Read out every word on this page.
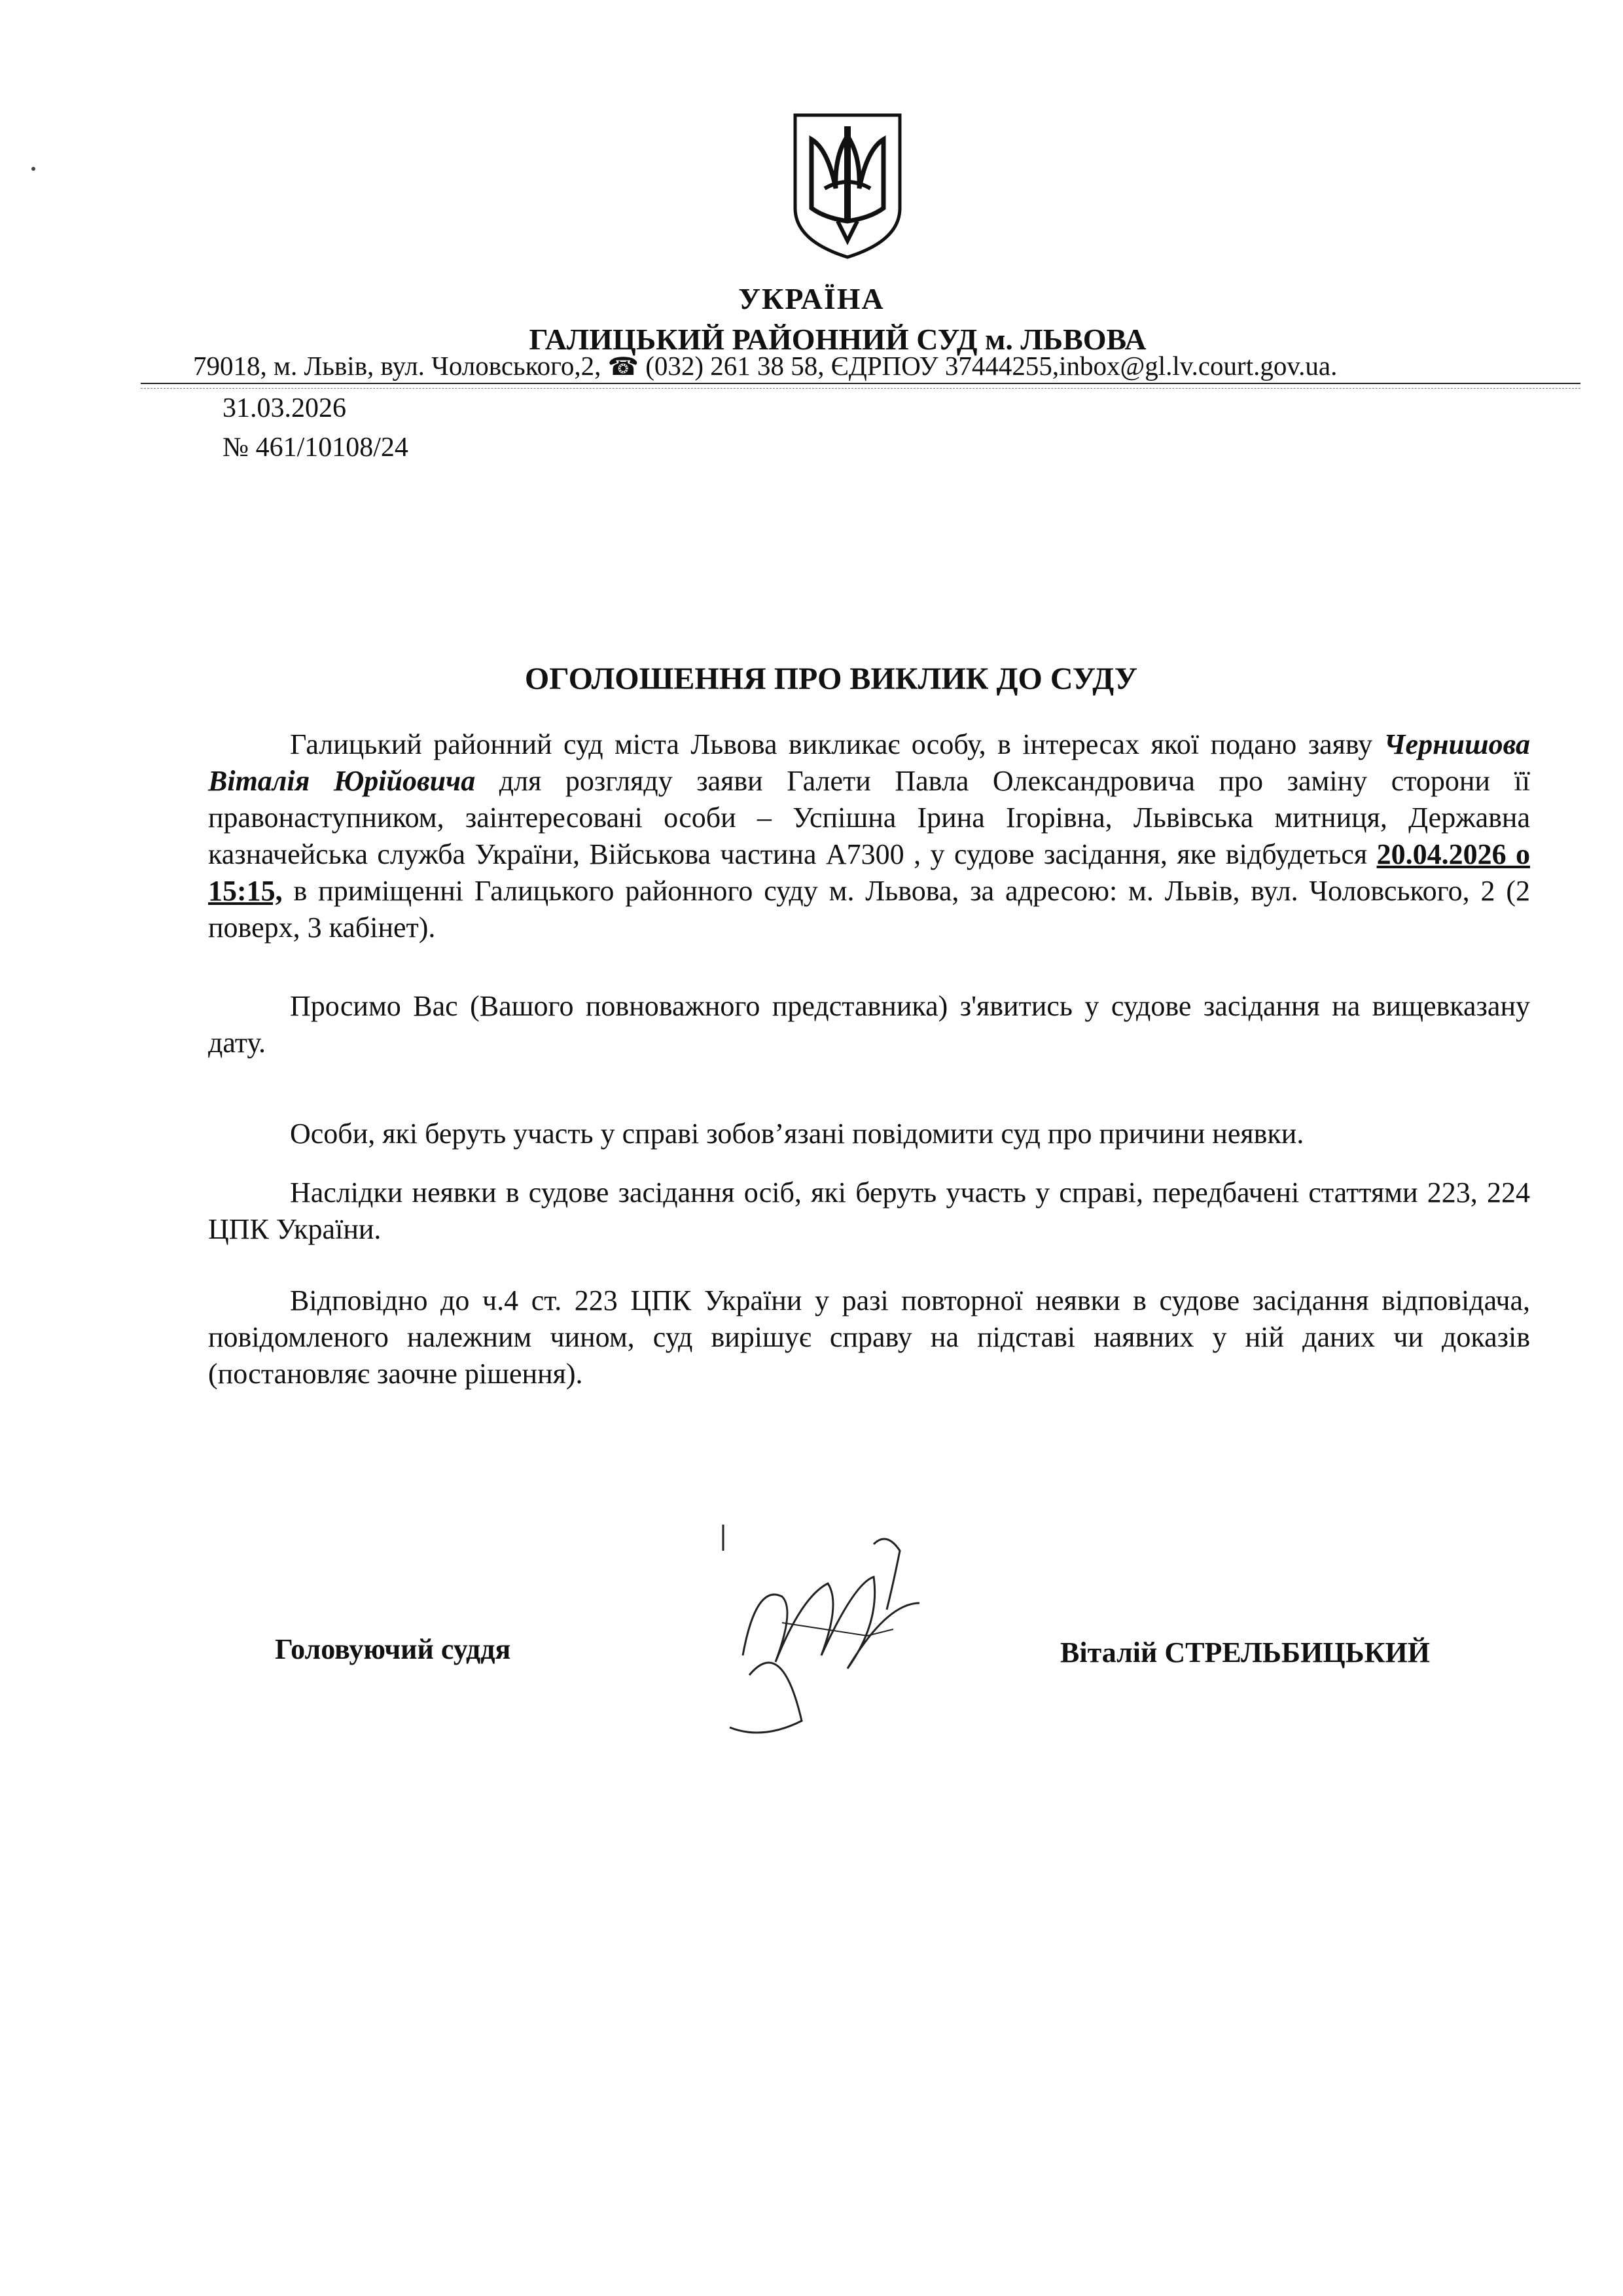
УКРАЇНА
ГАЛИЦЬКИЙ РАЙОННИЙ СУД м. ЛЬВОВА
79018, м. Львів, вул. Чоловського,2, ☎ (032) 261 38 58, ЄДРПОУ 37444255,inbox@gl.lv.court.gov.ua.
31.03.2026
№ 461/10108/24
ОГОЛОШЕННЯ ПРО ВИКЛИК ДО СУДУ
Галицький районний суд міста Львова викликає особу, в інтересах якої подано заяву Чернишова Віталія Юрійовича для розгляду заяви Галети Павла Олександровича про заміну сторони її правонаступником, заінтересовані особи – Успішна Ірина Ігорівна, Львівська митниця, Державна казначейська служба України, Військова частина А7300 , у судове засідання, яке відбудеться 20.04.2026 о 15:15, в приміщенні Галицького районного суду м. Львова, за адресою: м. Львів, вул. Чоловського, 2 (2 поверх, 3 кабінет).
Просимо Вас (Вашого повноважного представника) з'явитись у судове засідання на вищевказану дату.
Особи, які беруть участь у справі зобов’язані повідомити суд про причини неявки.
Наслідки неявки в судове засідання осіб, які беруть участь у справі, передбачені статтями 223, 224 ЦПК України.
Відповідно до ч.4 ст. 223 ЦПК України у разі повторної неявки в судове засідання відповідача, повідомленого належним чином, суд вирішує справу на підставі наявних у ній даних чи доказів (постановляє заочне рішення).
Головуючий суддя	Віталій СТРЕЛЬБИЦЬКИЙ
